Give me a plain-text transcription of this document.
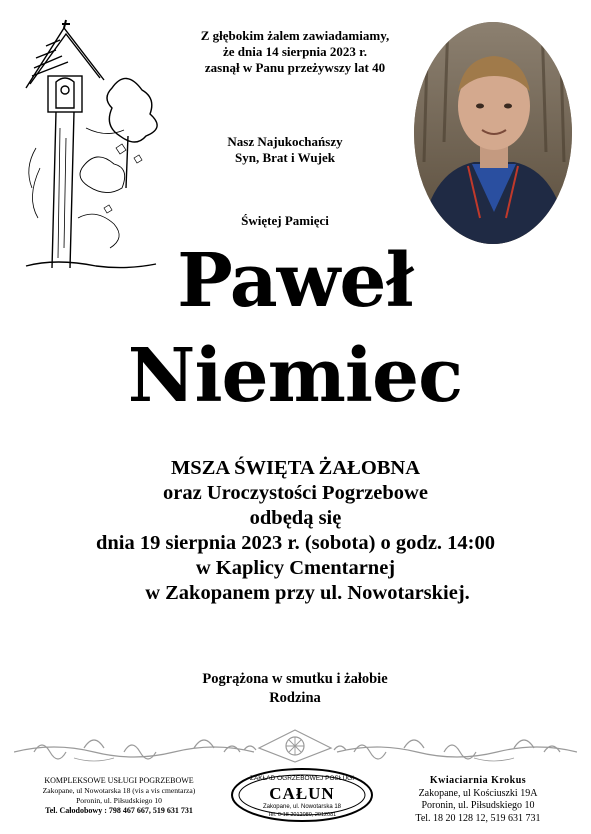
Z głębokim żalem zawiadamiamy,
że dnia 14 sierpnia 2023 r.
zasnął w Panu przeżywszy lat 40
Nasz Najukochańszy
Syn, Brat i Wujek
Świętej Pamięci
Paweł
Niemiec
MSZA ŚWIĘTA ŻAŁOBNA
oraz Uroczystości Pogrzebowe
odbędą się
dnia 19 sierpnia 2023 r. (sobota) o godz. 14:00
w Kaplicy Cmentarnej
w Zakopanem przy ul. Nowotarskiej.
Pogrążona w smutku i żałobie
Rodzina
KOMPLEKSOWE USŁUGI POGRZEBOWE
Zakopane, ul Nowotarska 18 (vis a vis cmentarza)
Poronin, ul. Piłsudskiego 10
Tel. Całodobowy : 798 467 667, 519 631 731
ZAKŁAD OGRZEBOWEJ POSŁUGI
CAŁUN
Zakopane, ul. Nowotarska 18
Tel. 0-18 2012080, 2012081
Kwiaciarnia Krokus
Zakopane, ul Kościuszki 19A
Poronin, ul. Piłsudskiego 10
Tel. 18 20 128 12, 519 631 731
